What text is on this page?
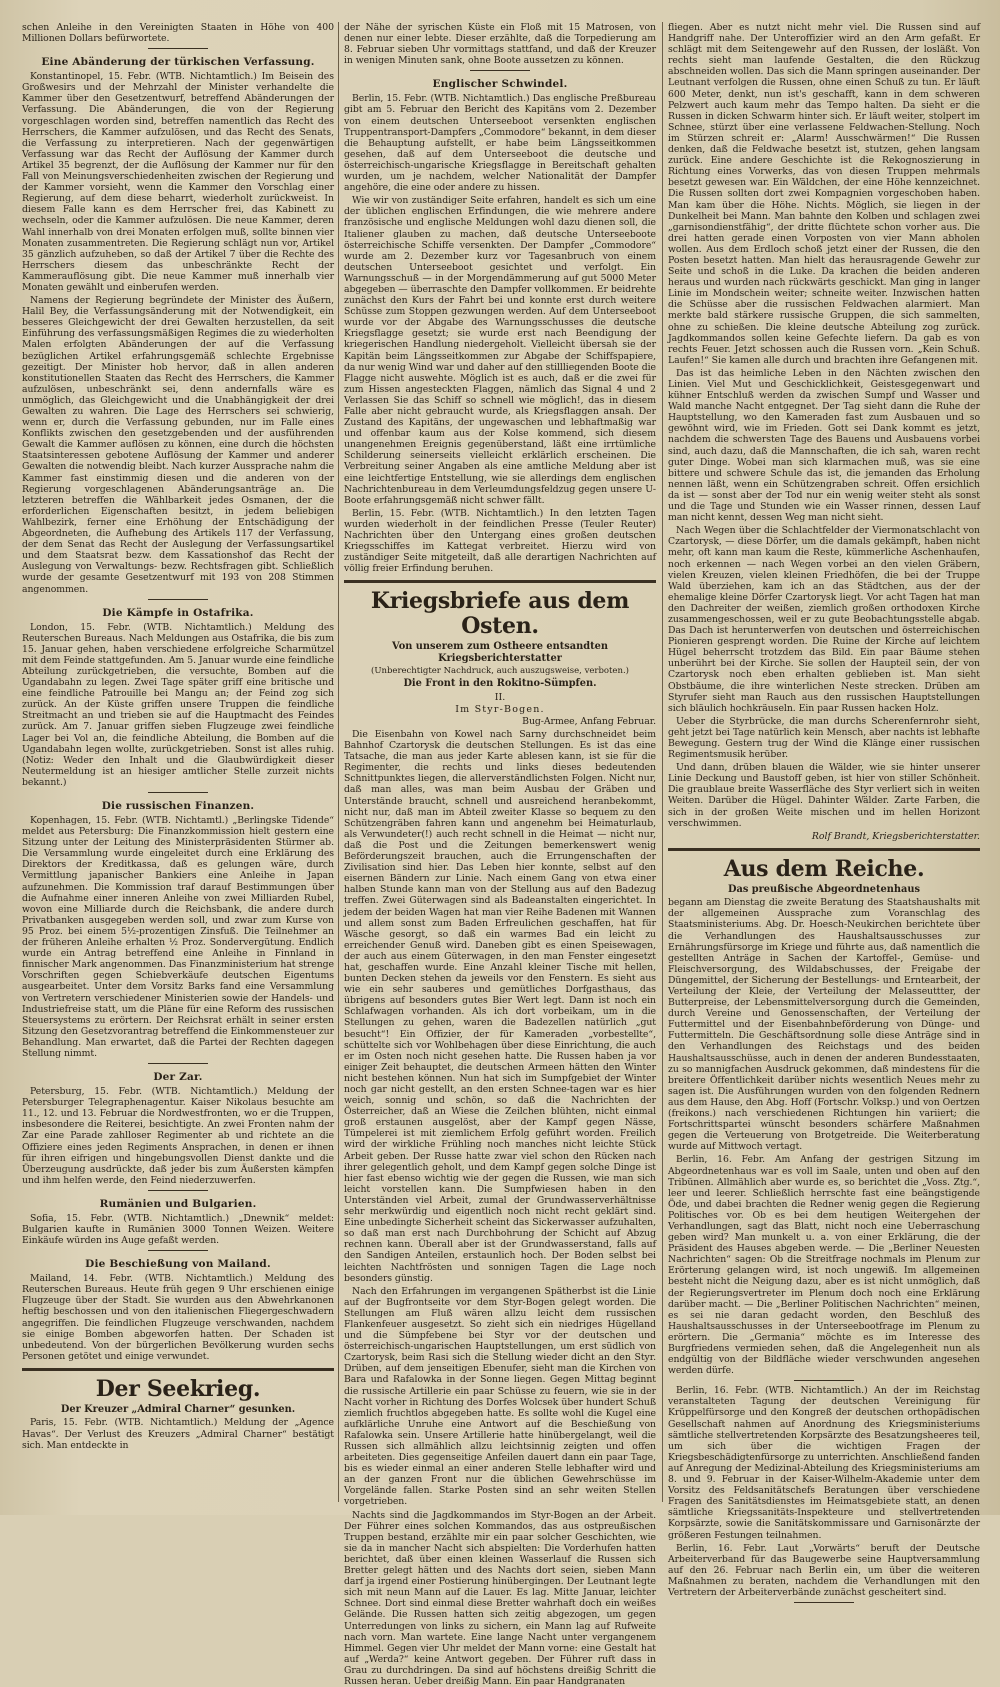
schen Anleihe in den Vereinigten Staaten in Höhe von 400 Millionen Dollars befürwortete.

Eine Abänderung der türkischen Verfassung.

Konstantinopel, 15. Febr. (WTB. Nichtamtlich.) Im Beisein des Großwesirs und der Mehrzahl der Minister verhandelte die Kammer über den Gesetzentwurf, betreffend Abänderungen der Verfassung. Die Abänderungen, die von der Regierung vorgeschlagen worden sind, betreffen namentlich das Recht des Herrschers, die Kammer aufzulösen, und das Recht des Senats, die Verfassung zu interpretieren. Nach der gegenwärtigen Verfassung war das Recht der Auflösung der Kammer durch Artikel 35 begrenzt, der die Auflösung der Kammer nur für den Fall von Meinungsverschiedenheiten zwischen der Regierung und der Kammer vorsieht, wenn die Kammer den Vorschlag einer Regierung, auf dem diese beharrt, wiederholt zurückweist. In diesem Falle kann es dem Herrscher frei, das Kabinett zu wechseln, oder die Kammer aufzulösen. Die neue Kammer, deren Wahl innerhalb von drei Monaten erfolgen muß, sollte binnen vier Monaten zusammentreten. Die Regierung schlägt nun vor, Artikel 35 gänzlich aufzuheben, so daß der Artikel 7 über die Rechte des Herrschers diesem das unbeschränkte Recht der Kammerauflösung gibt. Die neue Kammer muß innerhalb vier Monaten gewählt und einberufen werden.

Namens der Regierung begründete der Minister des Äußern, Halil Bey, die Verfassungsänderung mit der Notwendigkeit, ein besseres Gleichgewicht der drei Gewalten herzustellen, da seit Einführung des verfassungsmäßigen Regimes die zu wiederholten Malen erfolgten Abänderungen der auf die Verfassung bezüglichen Artikel erfahrungsgemäß schlechte Ergebnisse gezeitigt. Der Minister hob hervor, daß in allen anderen konstitutionellen Staaten das Recht des Herrschers, die Kammer aufzulösen, unbeschränkt sei, denn andernfalls wäre es unmöglich, das Gleichgewicht und die Unabhängigkeit der drei Gewalten zu wahren. Die Lage des Herrschers sei schwierig, wenn er, durch die Verfassung gebunden, nur im Falle eines Konflikts zwischen den gesetzgebenden und der ausführenden Gewalt die Kammer auflösen zu können, eine durch die höchsten Staatsinteressen gebotene Auflösung der Kammer und anderer Gewalten die notwendig bleibt. Nach kurzer Aussprache nahm die Kammer fast einstimmig diesen und die anderen von der Regierung vorgeschlagenen Abänderungsanträge an. Die letzteren betreffen die Wählbarkeit jedes Osmanen, der die erforderlichen Eigenschaften besitzt, in jedem beliebigen Wahlbezirk, ferner eine Erhöhung der Entschädigung der Abgeordneten, die Aufhebung des Artikels 117 der Verfassung, der dem Senat das Recht der Auslegung der Verfassungsartikel und dem Staatsrat bezw. dem Kassationshof das Recht der Auslegung von Verwaltungs- bezw. Rechtsfragen gibt. Schließlich wurde der gesamte Gesetzentwurf mit 193 von 208 Stimmen angenommen.

Die Kämpfe in Ostafrika.

London, 15. Febr. (WTB. Nichtamtlich.) Meldung des Reuterschen Bureaus. Nach Meldungen aus Ostafrika, die bis zum 15. Januar gehen, haben verschiedene erfolgreiche Scharmützel mit dem Feinde stattgefunden. Am 5. Januar wurde eine feindliche Abteilung zurückgetrieben, die versuchte, Bomben auf die Ugandabahn zu legen. Zwei Tage später griff eine britische und eine feindliche Patrouille bei Mangu an; der Feind zog sich zurück. An der Küste griffen unsere Truppen die feindliche Streitmacht an und trieben sie auf die Hauptmacht des Feindes zurück. Am 7. Januar griffen sieben Flugzeuge zwei feindliche Lager bei Vol an, die feindliche Abteilung, die Bomben auf die Ugandabahn legen wollte, zurückgetrieben. Sonst ist alles ruhig. (Notiz: Weder den Inhalt und die Glaubwürdigkeit dieser Neutermeldung ist an hiesiger amtlicher Stelle zurzeit nichts bekannt.)

Die russischen Finanzen.

Kopenhagen, 15. Febr. (WTB. Nichtamtl.) „Berlingske Tidende“ meldet aus Petersburg: Die Finanzkommission hielt gestern eine Sitzung unter der Leitung des Ministerpräsidenten Stürmer ab. Die Versammlung wurde eingeleitet durch eine Erklärung des Direktors der Kreditkassa, daß es gelungen wäre, durch Vermittlung japanischer Bankiers eine Anleihe in Japan aufzunehmen. Die Kommission traf darauf Bestimmungen über die Aufnahme einer inneren Anleihe von zwei Milliarden Rubel, wovon eine Milliarde durch die Reichsbank, die andere durch Privatbanken ausgegeben werden soll, und zwar zum Kurse von 95 Proz. bei einem 5½-prozentigen Zinsfuß. Die Teilnehmer an der früheren Anleihe erhalten ½ Proz. Sondervergütung. Endlich wurde ein Antrag betreffend eine Anleihe in Finnland in finnischer Mark angenommen. Das Finanzministerium hat strenge Vorschriften gegen Schiebverkäufe deutschen Eigentums ausgearbeitet. Unter dem Vorsitz Barks fand eine Versammlung von Vertretern verschiedener Ministerien sowie der Handels- und Industriefreise statt, um die Pläne für eine Reform des russischen Steuersystems zu erörtern. Der Reichsrat erhält in seiner ersten Sitzung den Gesetzvorantrag betreffend die Einkommensteuer zur Behandlung. Man erwartet, daß die Partei der Rechten dagegen Stellung nimmt.

Der Zar.

Petersburg, 15. Febr. (WTB. Nichtamtlich.) Meldung der Petersburger Telegraphenagentur. Kaiser Nikolaus besuchte am 11., 12. und 13. Februar die Nordwestfronten, wo er die Truppen, insbesondere die Reiterei, besichtigte. An zwei Fronten nahm der Zar eine Parade zahlloser Regimenter ab und richtete an die Offiziere eines jeden Regiments Ansprachen, in denen er ihnen für ihren eifrigen und hingebungsvollen Dienst dankte und die Überzeugung ausdrückte, daß jeder bis zum Äußersten kämpfen und ihm helfen werde, den Feind niederzuwerfen.

Rumänien und Bulgarien.

Sofia, 15. Febr. (WTB. Nichtamtlich.) „Dnewnik“ meldet: Bulgarien kaufte in Rumänien 3000 Tonnen Weizen. Weitere Einkäufe würden ins Auge gefaßt werden.

Die Beschießung von Mailand.

Mailand, 14. Febr. (WTB. Nichtamtlich.) Meldung des Reuterschen Bureaus. Heute früh gegen 9 Uhr erschienen einige Flugzeuge über der Stadt. Sie wurden aus den Abwehrkanonen heftig beschossen und von den italienischen Fliegergeschwadern angegriffen. Die feindlichen Flugzeuge verschwanden, nachdem sie einige Bomben abgeworfen hatten. Der Schaden ist unbedeutend. Von der bürgerlichen Bevölkerung wurden sechs Personen getötet und einige verwundet.

Der Seekrieg.
Der Kreuzer „Admiral Charner“ gesunken.

Paris, 15. Febr. (WTB. Nichtamtlich.) Meldung der „Agence Havas“. Der Verlust des Kreuzers „Admiral Charner“ bestätigt sich. Man entdeckte in

der Nähe der syrischen Küste ein Floß mit 15 Matrosen, von denen nur einer lebte. Dieser erzählte, daß die Torpedierung am 8. Februar sieben Uhr vormittags stattfand, und daß der Kreuzer in wenigen Minuten sank, ohne Boote aussetzen zu können.

Englischer Schwindel.

Berlin, 15. Febr. (WTB. Nichtamtlich.) Das englische Preßbureau gibt am 5. Februar den Bericht des Kapitäns vom 2. Dezember von einem deutschen Unterseeboot versenkten englischen Truppentransport-Dampfers „Commodore“ bekannt, in dem dieser die Behauptung aufstellt, er habe beim Längsseitkommen gesehen, daß auf dem Unterseeboot die deutsche und österreichisch-ungarische Kriegsflagge in Bereitschaft gehalten wurden, um je nachdem, welcher Nationalität der Dampfer angehöre, die eine oder andere zu hissen.

Wie wir von zuständiger Seite erfahren, handelt es sich um eine der üblichen englischen Erfindungen, die wie mehrere andere französische und englische Meldungen wohl dazu dienen soll, die Italiener glauben zu machen, daß deutsche Unterseeboote österreichische Schiffe versenkten. Der Dampfer „Commodore“ wurde am 2. Dezember kurz vor Tagesanbruch von einem deutschen Unterseeboot gesichtet und verfolgt. Ein Warnungsschuß — in der Morgendämmerung auf gut 5000 Meter abgegeben — überraschte den Dampfer vollkommen. Er beidrehte zunächst den Kurs der Fahrt bei und konnte erst durch weitere Schüsse zum Stoppen gezwungen werden. Auf dem Unterseeboot wurde vor der Abgabe des Warnungsschusses die deutsche Kriegsflagge gesetzt; sie wurde erst nach Beendigung der kriegerischen Handlung niedergeholt. Vielleicht übersah sie der Kapitän beim Längsseitkommen zur Abgabe der Schiffspapiere, da nur wenig Wind war und daher auf den stillliegenden Boote die Flagge nicht auswehte. Möglich ist es auch, daß er die zwei für zum Hissen angesteckten Flaggen, nämlich das Signal 4 und 2 Verlassen Sie das Schiff so schnell wie möglich!, das in diesem Falle aber nicht gebraucht wurde, als Kriegsflaggen ansah. Der Zustand des Kapitäns, der ungewaschen und lebhaftmaßig war und offenbar kaum aus der Kolse kommend, sich diesem unangenehmen Ereignis gegenüberstand, läßt eine irrtümliche Schilderung seinerseits vielleicht erklärlich erscheinen. Die Verbreitung seiner Angaben als eine amtliche Meldung aber ist eine leichtfertige Entstellung, wie sie allerdings dem englischen Nachrichtenbureau in dem Verleumdungsfeldzug gegen unsere U-Boote erfahrungsgemäß nicht schwer fällt.

Berlin, 15. Febr. (WTB. Nichtamtlich.) In den letzten Tagen wurden wiederholt in der feindlichen Presse (Teuler Reuter) Nachrichten über den Untergang eines großen deutschen Kriegsschiffes im Kattegat verbreitet. Hierzu wird von zuständiger Seite mitgeteilt, daß alle derartigen Nachrichten auf völlig freier Erfindung beruhen.

Kriegsbriefe aus dem Osten.
Von unserem zum Ostheere entsandten Kriegsberichterstatter
(Unberechtigter Nachdruck, auch auszugsweise, verboten.)
Die Front in den Rokitno-Sümpfen.
II.
Im Styr-Bogen.

Bug-Armee, Anfang Februar.

Die Eisenbahn von Kowel nach Sarny durchschneidet beim Bahnhof Czartorysk die deutschen Stellungen. Es ist das eine Tatsache, die man aus jeder Karte ablesen kann, ist sie für die Regimenter, die rechts und links dieses bedeutenden Schnittpunktes liegen, die allerverständlichsten Folgen. Nicht nur, daß man alles, was man beim Ausbau der Gräben und Unterstände braucht, schnell und ausreichend heranbekommt, nicht nur, daß man im Abteil zweiter Klasse so bequem zu den Schützengräben fahren kann und angenehm bei Heimaturlaub, als Verwundeter(!) auch recht schnell in die Heimat — nicht nur, daß die Post und die Zeitungen bemerkenswert wenig Beförderungszeit brauchen, auch die Errungenschaften der Zivilisation sind hier. Das Leben hier konnte, selbst auf den eisernen Bändern zur Linie. Nach einem Gang von etwa einer halben Stunde kann man von der Stellung aus auf den Badezug treffen. Zwei Güterwagen sind als Badeanstalten eingerichtet. In jedem der beiden Wagen hat man vier Reihe Badenen mit Wannen und allem sonst zum Baden Erfreulichen geschaffen, hat für Wäsche gesorgt, so daß ein warmes Bad ein leicht zu erreichender Genuß wird. Daneben gibt es einen Speisewagen, der auch aus einem Güterwagen, in den man Fenster eingesetzt hat, geschaffen wurde. Eine Anzahl kleiner Tische mit hellen, bunten Decken stehen da jeweils vor den Fenstern. Es sieht aus wie ein sehr sauberes und gemütliches Dorfgasthaus, das übrigens auf besonders gutes Bier Wert legt. Dann ist noch ein Schlafwagen vorhanden. Als ich dort vorbeikam, um in die Stellungen zu gehen, waren die Badezellen natürlich „gut besucht“! Ein Offizier, der für Kameraden „vorbestellte“, schüttelte sich vor Wohlbehagen über diese Einrichtung, die auch er im Osten noch nicht gesehen hatte. Die Russen haben ja vor einiger Zeit behauptet, die deutschen Armeen hätten den Winter nicht bestehen können. Nun hat sich im Sumpfgebiet der Winter noch gar nicht gestellt, an den ersten Schnee-tagen war es hier weich, sonnig und schön, so daß die Nachrichten der Österreicher, daß an Wiese die Zeilchen blühten, nicht einmal groß erstaunen ausgelöst, aber der Kampf gegen Nässe, Tümpelerei ist mit ziemlichem Erfolg geführt worden. Freilich wird der wirkliche Frühling noch manches nicht leichte Stück Arbeit geben. Der Russe hatte zwar viel schon den Rücken nach ihrer gelegentlich geholt, und dem Kampf gegen solche Dinge ist hier fast ebenso wichtig wie der gegen die Russen, wie man sich leicht vorstellen kann. Die Sumpfwiesen haben in den Unterständen viel Arbeit, zumal der Grundwasserverhältnisse sehr merkwürdig und eigentlich noch nicht recht geklärt sind. Eine unbedingte Sicherheit scheint das Sickerwasser aufzuhalten, so daß man erst nach Durchbohrung der Schicht auf Abzug rechnen kann. Überall aber ist der Grundwasserstand, falls auf den Sandigen Anteilen, erstaunlich hoch. Der Boden selbst bei leichten Nachtfrösten und sonnigen Tagen die Lage noch besonders günstig.

Nach den Erfahrungen im vergangenen Spätherbst ist die Linie auf der Bugfrontseite vor dem Styr-Bogen gelegt worden. Die Stellungen am Fluß wären allzu leicht dem russischen Flankenfeuer ausgesetzt. So zieht sich ein niedriges Hügelland und die Sümpfebene bei Styr vor der deutschen und österreichisch-ungarischen Hauptstellungen, um erst südlich von Czartorysk, beim Rasi sich die Stellung wieder dicht an den Styr. Drüben, auf dem jenseitigen Ebenufer, sieht man die Kirchen von Bara und Rafalowka in der Sonne liegen. Gegen Mittag beginnt die russische Artillerie ein paar Schüsse zu feuern, wie sie in der Nacht vorher in Richtung des Dorfes Wolcsek über hundert Schuß ziemlich fruchtlos abgegeben hatte. Es sollte wohl die Kugel eine aufklärliche Unruhe eine Antwort auf die Beschießung von Rafalowka sein. Unsere Artillerie hatte hinübergelangt, weil die Russen sich allmählich allzu leichtsinnig zeigten und offen arbeiteten. Dies gegenseitige Anfeilen dauert dann ein paar Tage, bis es wieder einmal an einer anderen Stelle lebhafter wird und an der ganzen Front nur die üblichen Gewehrschüsse im Vorgelände fallen. Starke Posten sind an sehr weiten Stellen vorgetrieben.

Nachts sind die Jagdkommandos im Styr-Bogen an der Arbeit. Der Führer eines solchen Kommandos, das aus ostpreußischen Truppen bestand, erzählte mir ein paar solcher Geschichten, wie sie da in mancher Nacht sich abspielten: Die Vorderhufen hatten berichtet, daß über einen kleinen Wasserlauf die Russen sich Bretter gelegt hätten und des Nachts dort seien, sieben Mann darf ja irgend einer Postierung hinübergingen. Der Leutnant legte sich mit neun Mann auf die Lauer. Es lag. Mitte Januar, leichter Schnee. Dort sind einmal diese Bretter wahrhaft doch ein weißes Gelände. Die Russen hatten sich zeitig abgezogen, um gegen Unterredungen von links zu sichern, ein Mann lag auf Rufweite nach vorn. Man wartete. Eine lange Nacht unter vergangenem Himmel. Gegen vier Uhr meldet der Mann vorne: eine Gestalt hat auf „Werda?“ keine Antwort gegeben. Der Führer ruft dass in Grau zu durchdringen. Da sind auf höchstens dreißig Schritt die Russen heran. Ueber dreißig Mann. Ein paar Handgranaten

fliegen. Aber es nutzt nicht mehr viel. Die Russen sind auf Handgriff nahe. Der Unteroffizier wird an den Arm gefaßt. Er schlägt mit dem Seitengewehr auf den Russen, der losläßt. Von rechts sieht man laufende Gestalten, die den Rückzug abschneiden wollen. Das sich die Mann springen auseinander. Der Leutnant verfolgen die Russen, ohne einen Schuß zu tun. Er läuft 600 Meter, denkt, nun ist's geschafft, kann in dem schweren Pelzwert auch kaum mehr das Tempo halten. Da sieht er die Russen in dicken Schwarm hinter sich. Er läuft weiter, stolpert im Schnee, stürzt über eine verlassene Feldwachen-Stellung. Noch im Stürzen schreit er: „Alarm! Ausschwärmen!“ Die Russen denken, daß die Feldwache besetzt ist, stutzen, gehen langsam zurück. Eine andere Geschichte ist die Rekognoszierung in Richtung eines Vorwerks, das von diesen Truppen mehrmals besetzt gewesen war. Ein Wäldchen, der eine Höhe kennzeichnet. Die Russen sollten dort zwei Kompagnien vorgeschoben haben. Man kam über die Höhe. Nichts. Möglich, sie liegen in der Dunkelheit bei Mann. Man bahnte den Kolben und schlagen zwei „garnisondienstfähig“, der dritte flüchtete schon vorher aus. Die drei hatten gerade einen Vorposten von vier Mann abholen wollen. Aus dem Erdloch schoß jetzt einer der Russen, die den Posten besetzt hatten. Man hielt das herausragende Gewehr zur Seite und schoß in die Luke. Da krachen die beiden anderen heraus und wurden nach rückwärts geschickt. Man ging in langer Linie im Mondschein weiter; schneite weiter. Inzwischen hatten die Schüsse aber die russischen Feldwachen alarmiert. Man merkte bald stärkere russische Gruppen, die sich sammelten, ohne zu schießen. Die kleine deutsche Abteilung zog zurück. Jagdkommandos sollen keine Gefechte liefern. Da gab es von rechts Feuer. Jetzt schossen auch die Russen vorn. „Kein Schuß. Laufen!“ Sie kamen alle durch und brachten ihre Gefangenen mit.

Das ist das heimliche Leben in den Nächten zwischen den Linien. Viel Mut und Geschicklichkeit, Geistesgegenwart und kühner Entschluß werden da zwischen Sumpf und Wasser und Wald manche Nacht entgegnet. Der Tag sieht dann die Ruhe der Hauptstellung, wo den Kameraden fast zum Ausbauen und so gewöhnt wird, wie im Frieden. Gott sei Dank kommt es jetzt, nachdem die schwersten Tage des Bauens und Ausbauens vorbei sind, auch dazu, daß die Mannschaften, die ich sah, waren recht guter Dinge. Wobei man sich klarmachen muß, was sie eine bittere und schwere Schule das ist, die jemanden das Erholung nennen läßt, wenn ein Schützengraben schreit. Offen ersichlich da ist — sonst aber der Tod nur ein wenig weiter steht als sonst und die Tage und Stunden wie ein Wasser rinnen, dessen Lauf man nicht kennt, dessen Weg man nicht sieht.

Nach Wegen über die Schlachtfelder der Viermonatschlacht von Czartorysk, — diese Dörfer, um die damals gekämpft, haben nicht mehr, oft kann man kaum die Reste, kümmerliche Aschenhaufen, noch erkennen — nach Wegen vorbei an den vielen Gräbern, vielen Kreuzen, vielen kleinen Friedhöfen, die bei der Truppe Wald überziehen, kam ich an das Städtchen, aus der der ehemalige kleine Dörfer Czartorysk liegt. Vor acht Tagen hat man den Dachreiter der weißen, ziemlich großen orthodoxen Kirche zusammengeschossen, weil er zu gute Beobachtungsstelle abgab. Das Dach ist herunterwerfen von deutschen und österreichischen Pionieren gesprengt worden. Die Ruine der Kirche auf leichtem Hügel beherrscht trotzdem das Bild. Ein paar Bäume stehen unberührt bei der Kirche. Sie sollen der Haupteil sein, der von Czartorysk noch eben erhalten geblieben ist. Man sieht Obstbäume, die ihre winterlichen Neste strecken. Drüben am Styrufer sieht man Rauch aus den russischen Hauptstellungen sich bläulich hochkräuseln. Ein paar Russen hacken Holz.

Ueber die Styrbrücke, die man durchs Scherenfernrohr sieht, geht jetzt bei Tage natürlich kein Mensch, aber nachts ist lebhafte Bewegung. Gestern trug der Wind die Klänge einer russischen Regimentsmusik herüber.

Und dann, drüben blauen die Wälder, wie sie hinter unserer Linie Deckung und Baustoff geben, ist hier von stiller Schönheit. Die graublaue breite Wasserfläche des Styr verliert sich in weiten Weiten. Darüber die Hügel. Dahinter Wälder. Zarte Farben, die sich in der großen Weite mischen und im hellen Horizont verschwimmen.

Rolf Brandt, Kriegsberichterstatter.
Aus dem Reiche.
Das preußische Abgeordnetenhaus

begann am Dienstag die zweite Beratung des Staatshaushalts mit der allgemeinen Aussprache zum Voranschlag des Staatsministeriums. Abg. Dr. Hoesch-Neukirchen berichtete über die Verhandlungen des Haushaltsausschusses zur Ernährungsfürsorge im Kriege und führte aus, daß namentlich die gestellten Anträge in Sachen der Kartoffel-, Gemüse- und Fleischversorgung, des Wildabschusses, der Freigabe der Düngemittel, der Sicherung der Bestellungs- und Erntearbeit, der Verteilung der Kleie, der Verteilung der Melasseuttter, der Butterpreise, der Lebensmittelversorgung durch die Gemeinden, durch Vereine und Genossenschaften, der Verteilung der Futtermittel und der Eisenbahnbeförderung von Dünge- und Futtermitteln. Die Geschäftsordnung solle diese Anträge sind in den Verhandlungen des Reichstags und des beiden Haushaltsausschüsse, auch in denen der anderen Bundesstaaten, zu so mannigfachen Ausdruck gekommen, daß mindestens für die breitere Öffentlichkeit darüber nichts wesentlich Neues mehr zu sagen ist. Die Ausführungen wurden von den folgenden Rednern aus dem Hause, den Abg. Hoff (Fortschr. Volksp.) und von Oertzen (freikons.) nach verschiedenen Richtungen hin variiert; die Fortschrittspartei wünscht besonders schärfere Maßnahmen gegen die Verteuerung von Brotgetreide. Die Weiterberatung wurde auf Mittwoch vertagt.

Berlin, 16. Febr. Am Anfang der gestrigen Sitzung im Abgeordnetenhaus war es voll im Saale, unten und oben auf den Tribünen. Allmählich aber wurde es, so berichtet die „Voss. Ztg.“, leer und leerer. Schließlich herrschte fast eine beängstigende Öde, und dabei brachten die Redner wenig gegen die Regierung Politisches vor. Ob es bei dem heutigen Weitergehen der Verhandlungen, sagt das Blatt, nicht noch eine Ueberraschung geben wird? Man munkelt u. a. von einer Erklärung, die der Präsident des Hauses abgeben werde. — Die „Berliner Neuesten Nachrichten“ sagen: Ob die Streitfrage nochmals im Plenum zur Erörterung gelangen wird, ist noch ungewiß. Im allgemeinen besteht nicht die Neigung dazu, aber es ist nicht unmöglich, daß der Regierungsvertreter im Plenum doch noch eine Erklärung darüber macht. — Die „Berliner Politischen Nachrichten“ meinen, es sei nie daran gedacht worden, den Beschluß des Haushaltsausschusses in der Unterseebootfrage im Plenum zu erörtern. Die „Germania“ möchte es im Interesse des Burgfriedens vermieden sehen, daß die Angelegenheit nun als endgültig von der Bildfläche wieder verschwunden angesehen werden dürfe.

Berlin, 16. Febr. (WTB. Nichtamtlich.) An der im Reichstag veranstalteten Tagung der deutschen Vereinigung für Krüppelfürsorge und den Kongreß der deutschen orthopädischen Gesellschaft nahmen auf Anordnung des Kriegsministeriums sämtliche stellvertretenden Korpsärzte des Besatzungsheeres teil, um sich über die wichtigen Fragen der Kriegsbeschädigtenfürsorge zu unterrichten. Anschließend fanden auf Anregung der Medizinal-Abteilung des Kriegsministeriums am 8. und 9. Februar in der Kaiser-Wilhelm-Akademie unter dem Vorsitz des Feldsanitätschefs Beratungen über verschiedene Fragen des Sanitätsdienstes im Heimatsgebiete statt, an denen sämtliche Kriegssanitäts-Inspekteure und stellvertretenden Korpsärzte, sowie die Sanitätskommissare und Garnisonärzte der größeren Festungen teilnahmen.

Berlin, 16. Febr. Laut „Vorwärts“ beruft der Deutsche Arbeiterverband für das Baugewerbe seine Hauptversammlung auf den 26. Februar nach Berlin ein, um über die weiteren Maßnahmen zu beraten, nachdem die Verhandlungen mit den Vertretern der Arbeiterverbände zunächst gescheitert sind.
